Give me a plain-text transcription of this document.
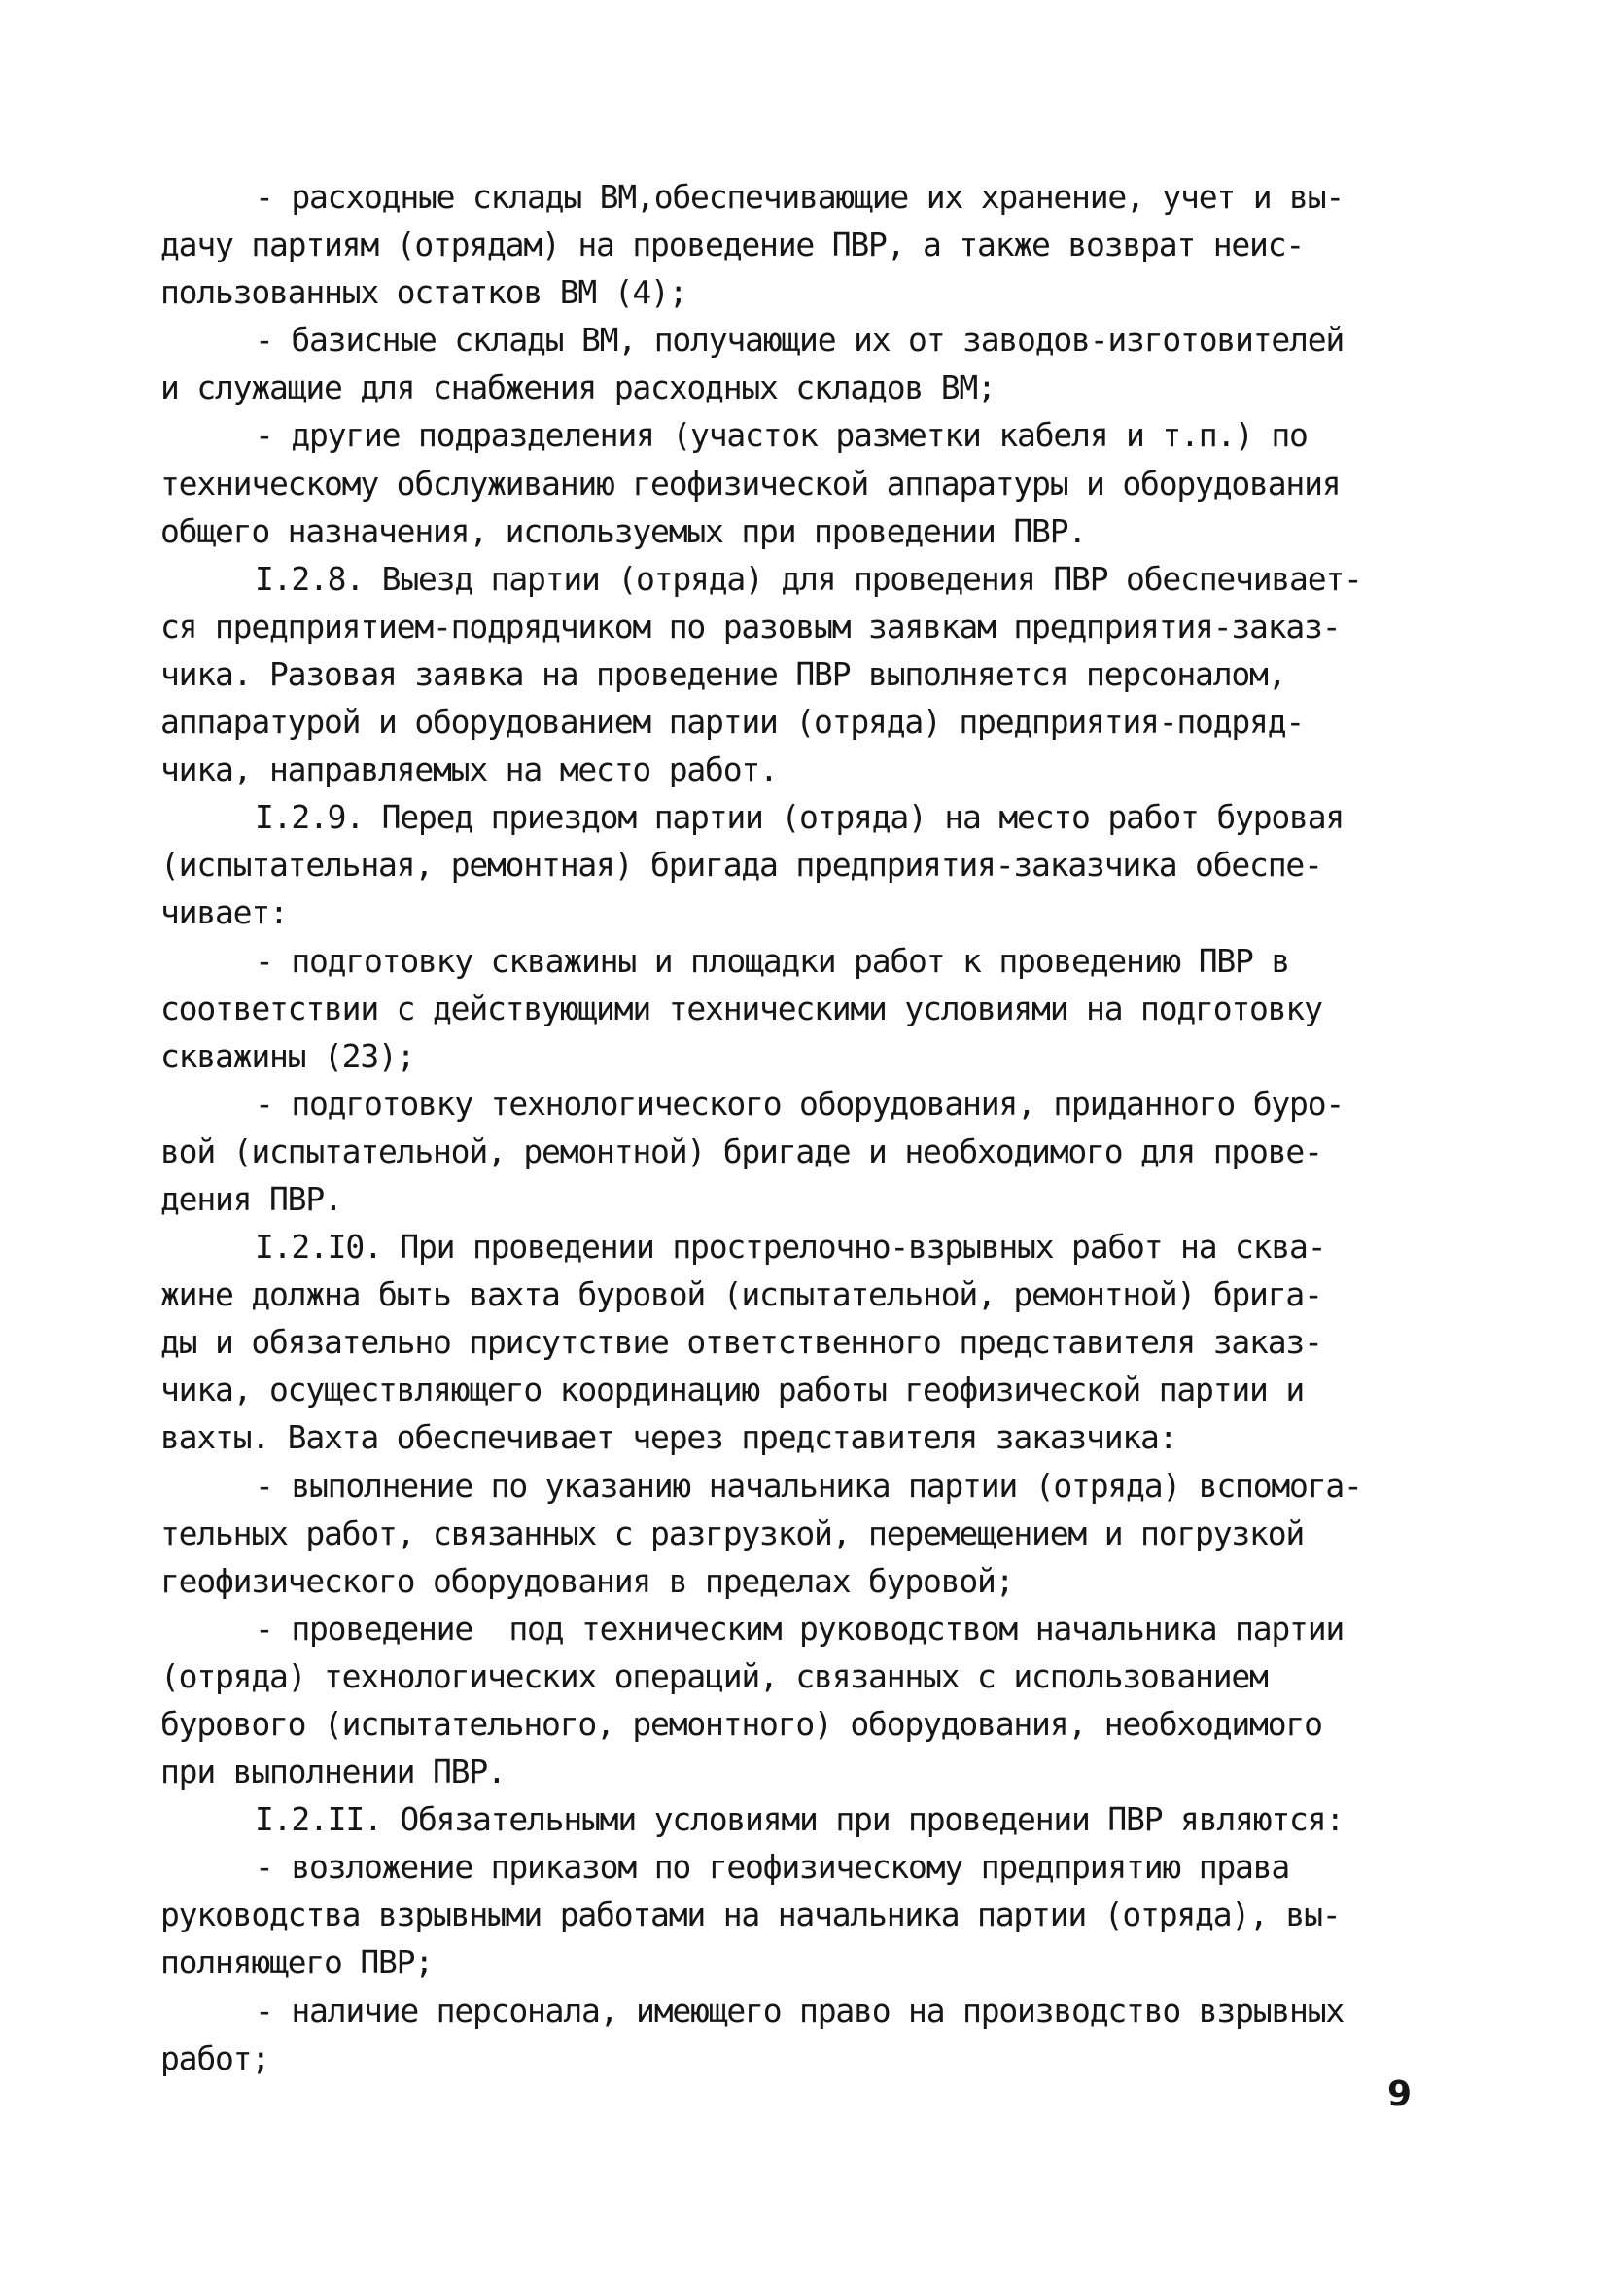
- расходные склады ВМ,обеспечивающие их хранение, учет и вы-
дачу партиям (отрядам) на проведение ПВР, а также возврат неис-
пользованных остатков ВМ (4);
- базисные склады ВМ, получающие их от заводов-изготовителей
и служащие для снабжения расходных складов ВМ;
- другие подразделения (участок разметки кабеля и т.п.) по
техническому обслуживанию геофизической аппаратуры и оборудования
общего назначения, используемых при проведении ПВР.
I.2.8. Выезд партии (отряда) для проведения ПВР обеспечивает-
ся предприятием-подрядчиком по разовым заявкам предприятия-заказ-
чика. Разовая заявка на проведение ПВР выполняется персоналом,
аппаратурой и оборудованием партии (отряда) предприятия-подряд-
чика, направляемых на место работ.
I.2.9. Перед приездом партии (отряда) на место работ буровая
(испытательная, ремонтная) бригада предприятия-заказчика обеспе-
чивает:
- подготовку скважины и площадки работ к проведению ПВР в
соответствии с действующими техническими условиями на подготовку
скважины (23);
- подготовку технологического оборудования, приданного буро-
вой (испытательной, ремонтной) бригаде и необходимого для прове-
дения ПВР.
I.2.I0. При проведении прострелочно-взрывных работ на сква-
жине должна быть вахта буровой (испытательной, ремонтной) брига-
ды и обязательно присутствие ответственного представителя заказ-
чика, осуществляющего координацию работы геофизической партии и
вахты. Вахта обеспечивает через представителя заказчика:
- выполнение по указанию начальника партии (отряда) вспомога-
тельных работ, связанных с разгрузкой, перемещением и погрузкой
геофизического оборудования в пределах буровой;
- проведение  под техническим руководством начальника партии
(отряда) технологических операций, связанных с использованием
бурового (испытательного, ремонтного) оборудования, необходимого
при выполнении ПВР.
I.2.II. Обязательными условиями при проведении ПВР являются:
- возложение приказом по геофизическому предприятию права
руководства взрывными работами на начальника партии (отряда), вы-
полняющего ПВР;
- наличие персонала, имеющего право на производство взрывных
работ;
9
